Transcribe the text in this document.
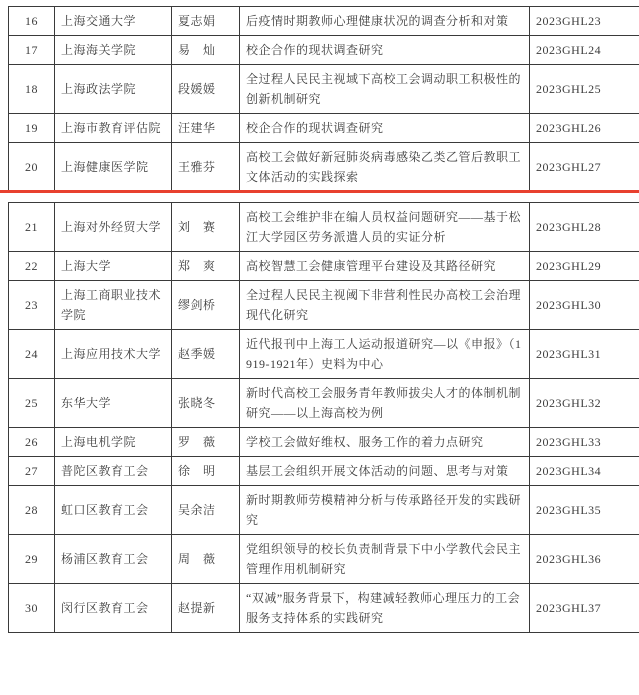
16	上海交通大学	夏志娟	后疫情时期教师心理健康状况的调查分析和对策	2023GHL23
17	上海海关学院	易　灿	校企合作的现状调查研究	2023GHL24
18	上海政法学院	段媛媛	全过程人民民主视域下高校工会调动职工积极性的创新机制研究	2023GHL25
19	上海市教育评估院	汪建华	校企合作的现状调查研究	2023GHL26
20	上海健康医学院	王雅芬	高校工会做好新冠肺炎病毒感染乙类乙管后教职工文体活动的实践探索	2023GHL27
21	上海对外经贸大学	刘　赛	高校工会维护非在编人员权益问题研究——基于松江大学园区劳务派遣人员的实证分析	2023GHL28
22	上海大学	郑　爽	高校智慧工会健康管理平台建设及其路径研究	2023GHL29
23	上海工商职业技术学院	缪剑桥	全过程人民民主视阈下非营利性民办高校工会治理现代化研究	2023GHL30
24	上海应用技术大学	赵季媛	近代报刊中上海工人运动报道研究—以《申报》（1919-1921年）史料为中心	2023GHL31
25	东华大学	张晓冬	新时代高校工会服务青年教师拔尖人才的体制机制研究——以上海高校为例	2023GHL32
26	上海电机学院	罗　薇	学校工会做好维权、服务工作的着力点研究	2023GHL33
27	普陀区教育工会	徐　明	基层工会组织开展文体活动的问题、思考与对策	2023GHL34
28	虹口区教育工会	吴余洁	新时期教师劳模精神分析与传承路径开发的实践研究	2023GHL35
29	杨浦区教育工会	周　薇	党组织领导的校长负责制背景下中小学教代会民主管理作用机制研究	2023GHL36
30	闵行区教育工会	赵提新	“双减”服务背景下，构建减轻教师心理压力的工会服务支持体系的实践研究	2023GHL37
